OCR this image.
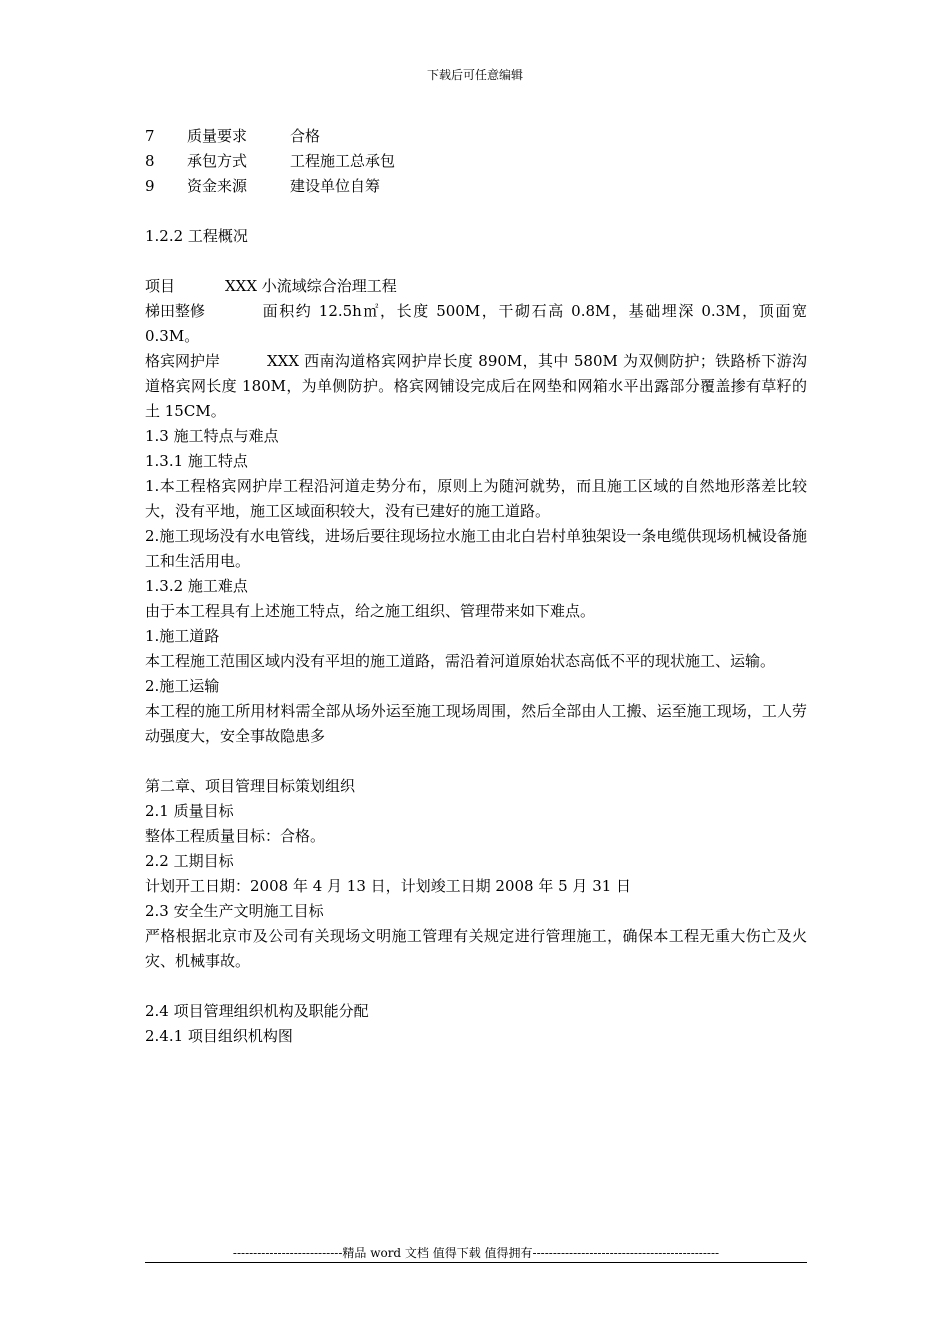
下载后可任意编辑
7	质量要求	合格
8	承包方式	工程施工总承包
9	资金来源	建设单位自筹

1.2.2 工程概况

项目	XXX 小流域综合治理工程

梯田整修	面积约 12.5h㎡，长度 500M，干砌石高 0.8M，基础埋深 0.3M，顶面宽 0.3M。

格宾网护岸	XXX 西南沟道格宾网护岸长度 890M，其中 580M 为双侧防护；铁路桥下游沟道格宾网长度 180M，为单侧防护。格宾网铺设完成后在网垫和网箱水平出露部分覆盖掺有草籽的土 15CM。

1.3 施工特点与难点

1.3.1 施工特点

1.本工程格宾网护岸工程沿河道走势分布，原则上为随河就势，而且施工区域的自然地形落差比较大，没有平地，施工区域面积较大，没有已建好的施工道路。

2.施工现场没有水电管线，进场后要往现场拉水施工由北白岩村单独架设一条电缆供现场机械设备施工和生活用电。

1.3.2 施工难点

由于本工程具有上述施工特点，给之施工组织、管理带来如下难点。

1.施工道路

本工程施工范围区域内没有平坦的施工道路，需沿着河道原始状态高低不平的现状施工、运输。

2.施工运输

本工程的施工所用材料需全部从场外运至施工现场周围，然后全部由人工搬、运至施工现场，工人劳动强度大，安全事故隐患多

第二章、项目管理目标策划组织

2.1 质量目标

整体工程质量目标：合格。

2.2 工期目标

计划开工日期：2008 年 4 月 13 日，计划竣工日期 2008 年 5 月 31 日

2.3 安全生产文明施工目标

严格根据北京市及公司有关现场文明施工管理有关规定进行管理施工，确保本工程无重大伤亡及火灾、机械事故。

2.4 项目管理组织机构及职能分配

2.4.1 项目组织机构图

---------------------------精品 word 文档 值得下载 值得拥有----------------------------------------------
